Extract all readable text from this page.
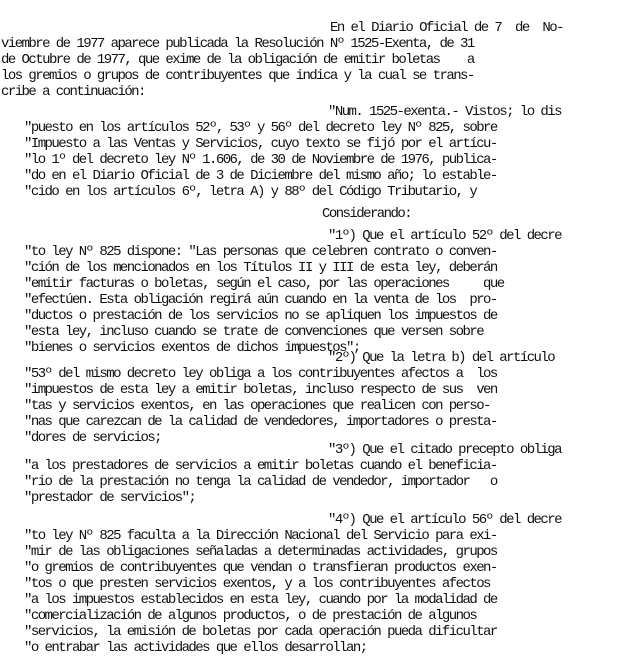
En el Diario Oficial de 7  de  No-
viembre de 1977 aparece publicada la Resolución Nº 1525-Exenta, de 31
de Octubre de 1977, que exime de la obligación de emitir boletas    a
los gremios o grupos de contribuyentes que indica y la cual se trans-
cribe a continuación:
"Num. 1525-exenta.- Vistos; lo dis
"puesto en los artículos 52º, 53º y 56º del decreto ley Nº 825, sobre
"Impuesto a las Ventas y Servicios, cuyo texto se fijó por el artícu-
"lo 1º del decreto ley Nº 1.606, de 30 de Noviembre de 1976, publica-
"do en el Diario Oficial de 3 de Diciembre del mismo año; lo estable-
"cido en los artículos 6º, letra A) y 88º del Código Tributario, y
Considerando:
"1º) Que el artículo 52º del decre
"to ley Nº 825 dispone: "Las personas que celebren contrato o conven-
"ción de los mencionados en los Títulos II y III de esta ley, deberán
"emitir facturas o boletas, según el caso, por las operaciones     que
"efectúen. Esta obligación regirá aún cuando en la venta de los  pro-
"ductos o prestación de los servicios no se apliquen los impuestos de
"esta ley, incluso cuando se trate de convenciones que versen sobre
"bienes o servicios exentos de dichos impuestos";
"2º) Que la letra b) del artículo
"53º del mismo decreto ley obliga a los contribuyentes afectos a  los
"impuestos de esta ley a emitir boletas, incluso respecto de sus  ven
"tas y servicios exentos, en las operaciones que realicen con perso-
"nas que carezcan de la calidad de vendedores, importadores o presta-
"dores de servicios;
"3º) Que el citado precepto obliga
"a los prestadores de servicios a emitir boletas cuando el beneficia-
"rio de la prestación no tenga la calidad de vendedor, importador   o
"prestador de servicios";
"4º) Que el artículo 56º del decre
"to ley Nº 825 faculta a la Dirección Nacional del Servicio para exi-
"mir de las obligaciones señaladas a determinadas actividades, grupos
"o gremios de contribuyentes que vendan o transfieran productos exen-
"tos o que presten servicios exentos, y a los contribuyentes afectos
"a los impuestos establecidos en esta ley, cuando por la modalidad de
"comercialización de algunos productos, o de prestación de algunos
"servicios, la emisión de boletas por cada operación pueda dificultar
"o entrabar las actividades que ellos desarrollan;
